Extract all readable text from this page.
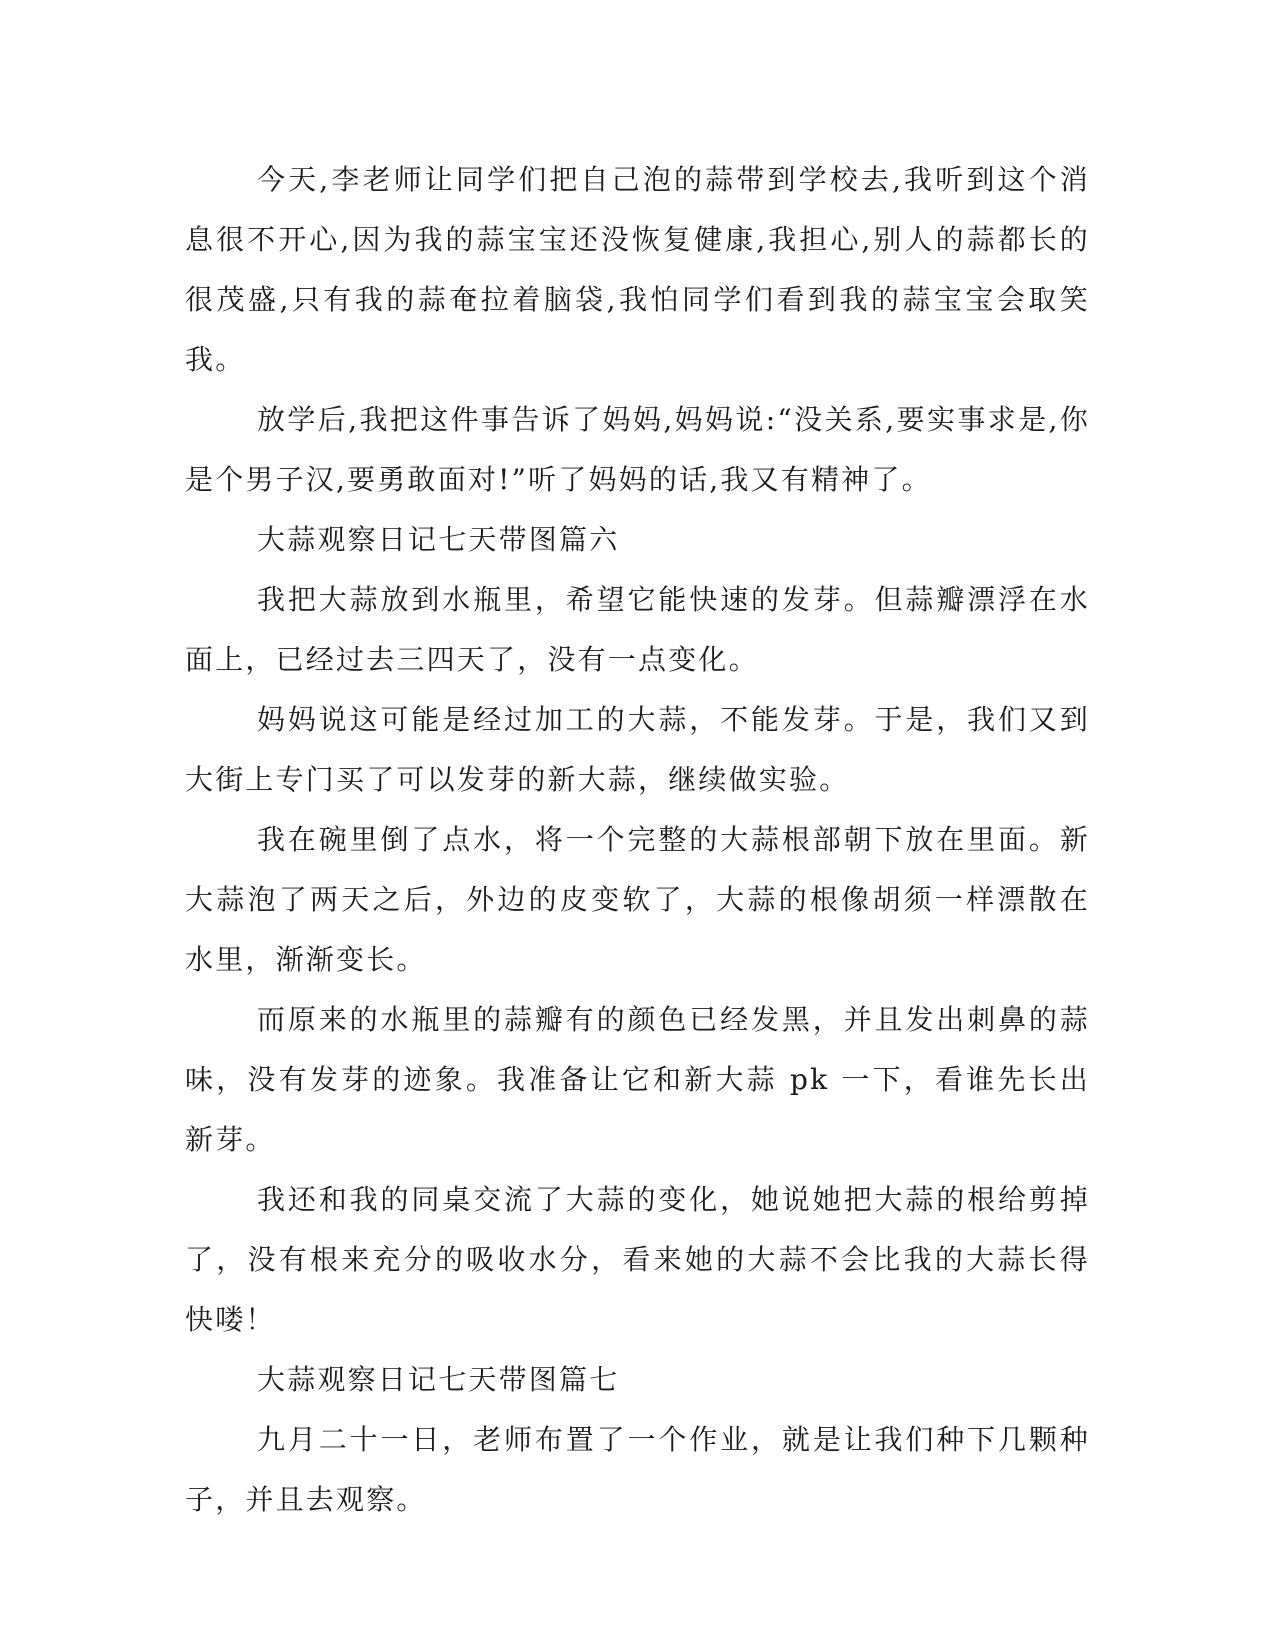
今天,李老师让同学们把自己泡的蒜带到学校去,我听到这个消息很不开心,因为我的蒜宝宝还没恢复健康,我担心,别人的蒜都长的很茂盛,只有我的蒜奄拉着脑袋,我怕同学们看到我的蒜宝宝会取笑我。

放学后,我把这件事告诉了妈妈,妈妈说:“没关系,要实事求是,你是个男子汉,要勇敢面对!”听了妈妈的话,我又有精神了。

大蒜观察日记七天带图篇六

我把大蒜放到水瓶里，希望它能快速的发芽。但蒜瓣漂浮在水面上，已经过去三四天了，没有一点变化。

妈妈说这可能是经过加工的大蒜，不能发芽。于是，我们又到大街上专门买了可以发芽的新大蒜，继续做实验。

我在碗里倒了点水，将一个完整的大蒜根部朝下放在里面。新大蒜泡了两天之后，外边的皮变软了，大蒜的根像胡须一样漂散在水里，渐渐变长。

而原来的水瓶里的蒜瓣有的颜色已经发黑，并且发出刺鼻的蒜味，没有发芽的迹象。我准备让它和新大蒜 pk 一下，看谁先长出新芽。

我还和我的同桌交流了大蒜的变化，她说她把大蒜的根给剪掉了，没有根来充分的吸收水分，看来她的大蒜不会比我的大蒜长得快喽！

大蒜观察日记七天带图篇七

九月二十一日，老师布置了一个作业，就是让我们种下几颗种子，并且去观察。
